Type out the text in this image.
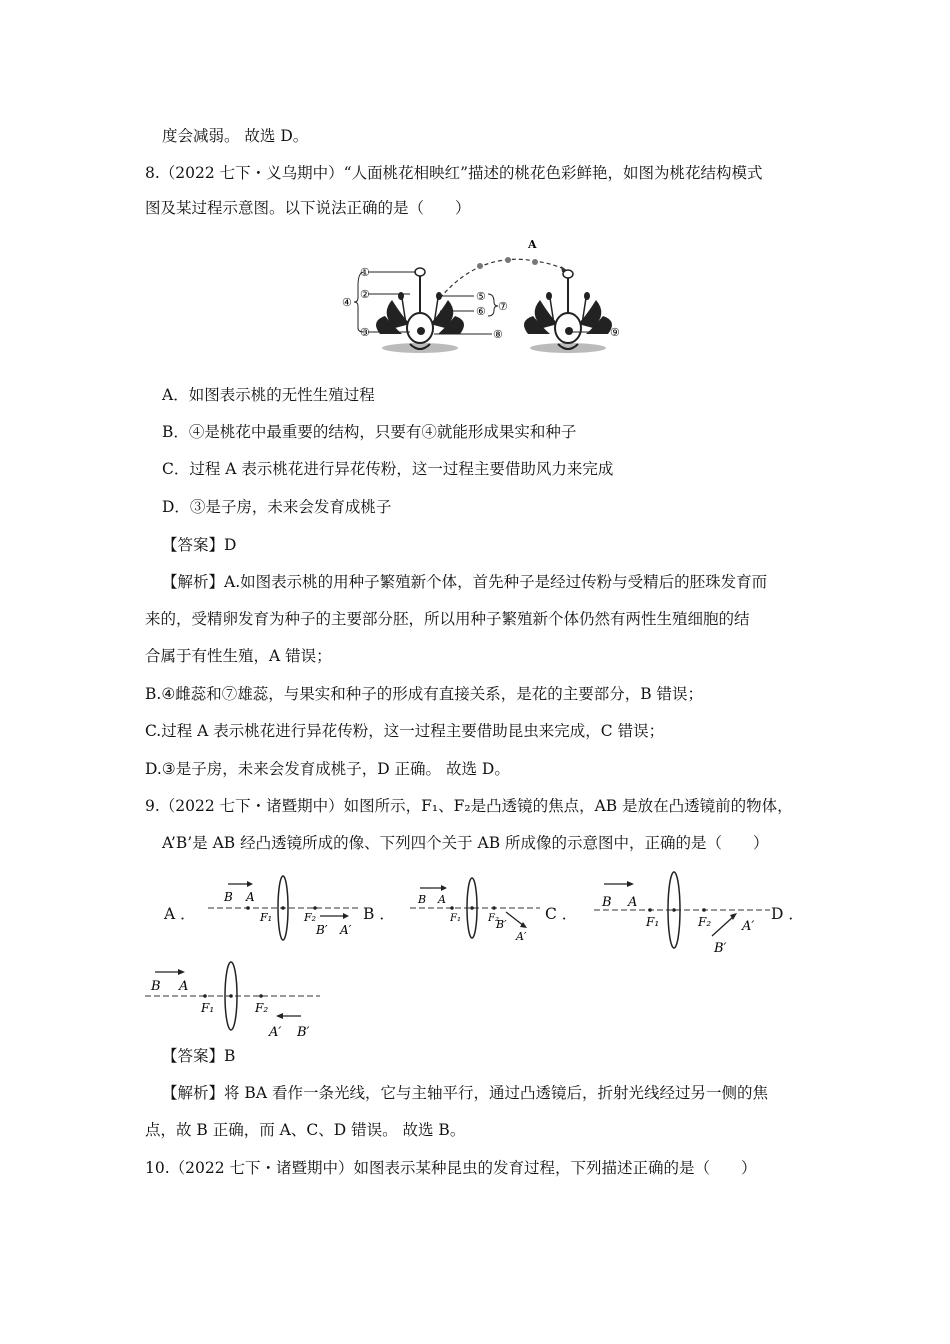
度会减弱。 故选 D。
8.（2022 七下・义乌期中）“人面桃花相映红”描述的桃花色彩鲜艳，如图为桃花结构模式
图及某过程示意图。以下说法正确的是（　　）
A
①
②
④
③
⑤
⑥ ⑦
⑧	⑨
A．如图表示桃的无性生殖过程
B．④是桃花中最重要的结构，只要有④就能形成果实和种子
C．过程 A 表示桃花进行异花传粉，这一过程主要借助风力来完成
D．③是子房，未来会发育成桃子
【答案】D
【解析】A.如图表示桃的用种子繁殖新个体，首先种子是经过传粉与受精后的胚珠发育而
来的，受精卵发育为种子的主要部分胚，所以用种子繁殖新个体仍然有两性生殖细胞的结
合属于有性生殖，A 错误；
B.④雌蕊和⑦雄蕊，与果实和种子的形成有直接关系，是花的主要部分，B 错误；
C.过程 A 表示桃花进行异花传粉，这一过程主要借助昆虫来完成，C 错误；
D.③是子房，未来会发育成桃子，D 正确。 故选 D。
9.（2022 七下・诸暨期中）如图所示，F₁、F₂是凸透镜的焦点，AB 是放在凸透镜前的物体，
A’B’是 AB 经凸透镜所成的像、下列四个关于 AB 所成像的示意图中，正确的是（　　）
A ．	B ．	C ．	D ．
B A
F₁	F₂
B′ A′
B A
F₁	F₂
B′
A′
B A
F₁	F₂
B′
A′
B A
F₁	F₂
A′ B′
【答案】B
【解析】将 BA 看作一条光线，它与主轴平行，通过凸透镜后，折射光线经过另一侧的焦
点，故 B 正确，而 A、C、D 错误。 故选 B。
10.（2022 七下・诸暨期中）如图表示某种昆虫的发育过程，下列描述正确的是（　　）
